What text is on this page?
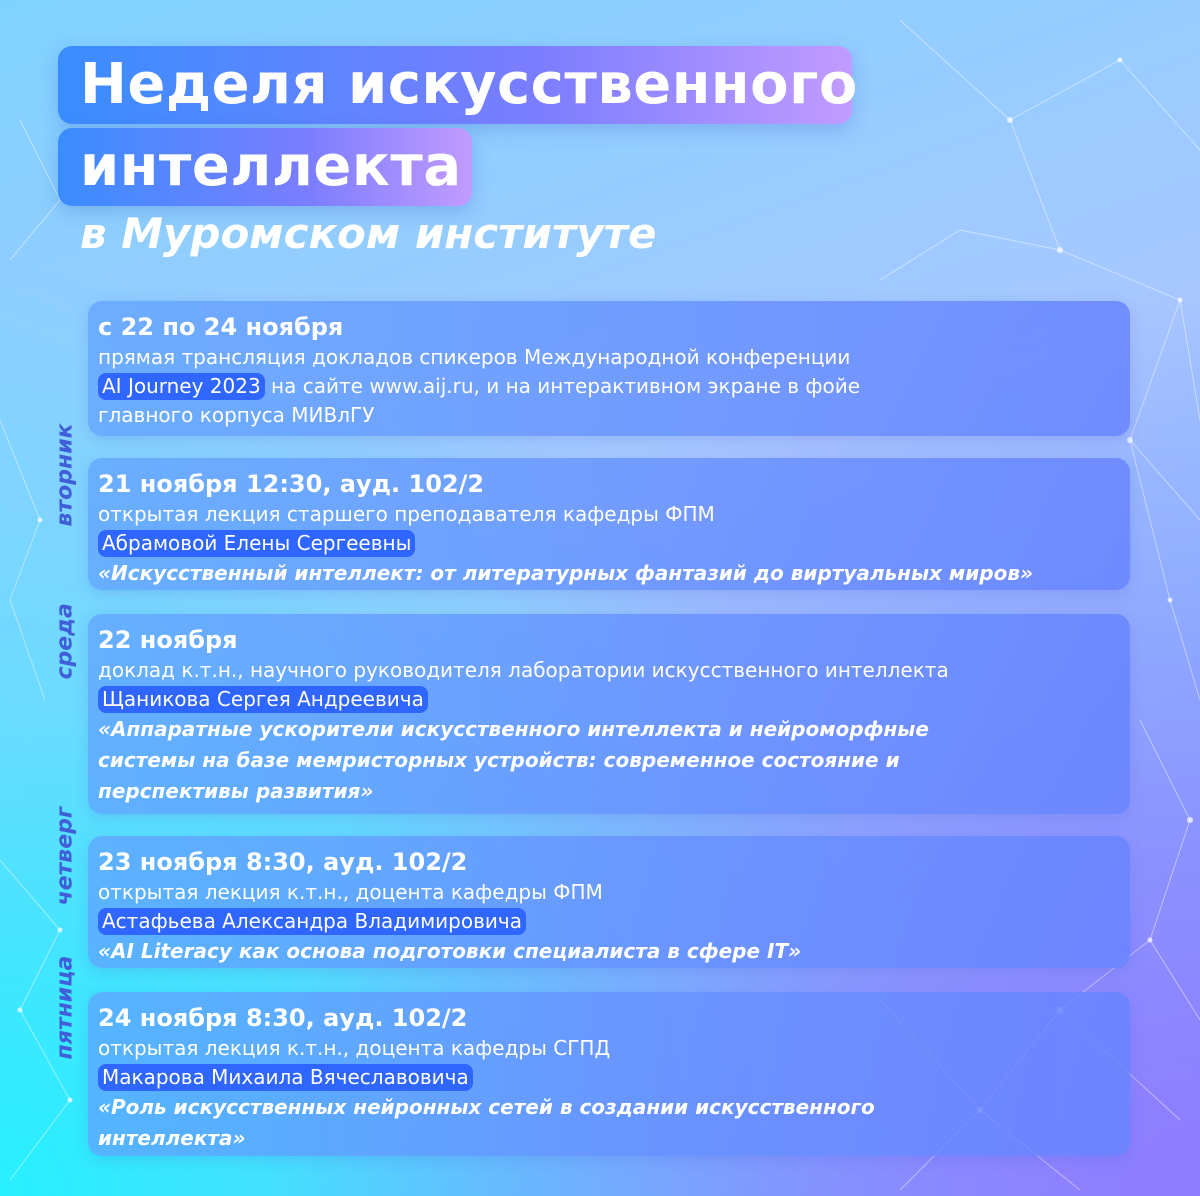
Неделя искусственного
интеллекта
в Муромском институте
с 22 по 24 ноября
прямая трансляция докладов спикеров Международной конференции
AI Journey 2023 на сайте www.aij.ru, и на интерактивном экране в фойе
главного корпуса МИВлГУ
вторник 21 ноября 12:30, ауд. 102/2
открытая лекция старшего преподавателя кафедры ФПМ
Абрамовой Елены Сергеевны
«Искусственный интеллект: от литературных фантазий до виртуальных миров»
среда 22 ноября
доклад к.т.н., научного руководителя лаборатории искусственного интеллекта
Щаникова Сергея Андреевича
«Аппаратные ускорители искусственного интеллекта и нейроморфные
системы на базе мемристорных устройств: современное состояние и
перспективы развития»
четверг 23 ноября 8:30, ауд. 102/2
открытая лекция к.т.н., доцента кафедры ФПМ
Астафьева Александра Владимировича
«AI Literacy как основа подготовки специалиста в сфере IT»
пятница 24 ноября 8:30, ауд. 102/2
открытая лекция к.т.н., доцента кафедры СГПД
Макарова Михаила Вячеславовича
«Роль искусственных нейронных сетей в создании искусственного
интеллекта»
